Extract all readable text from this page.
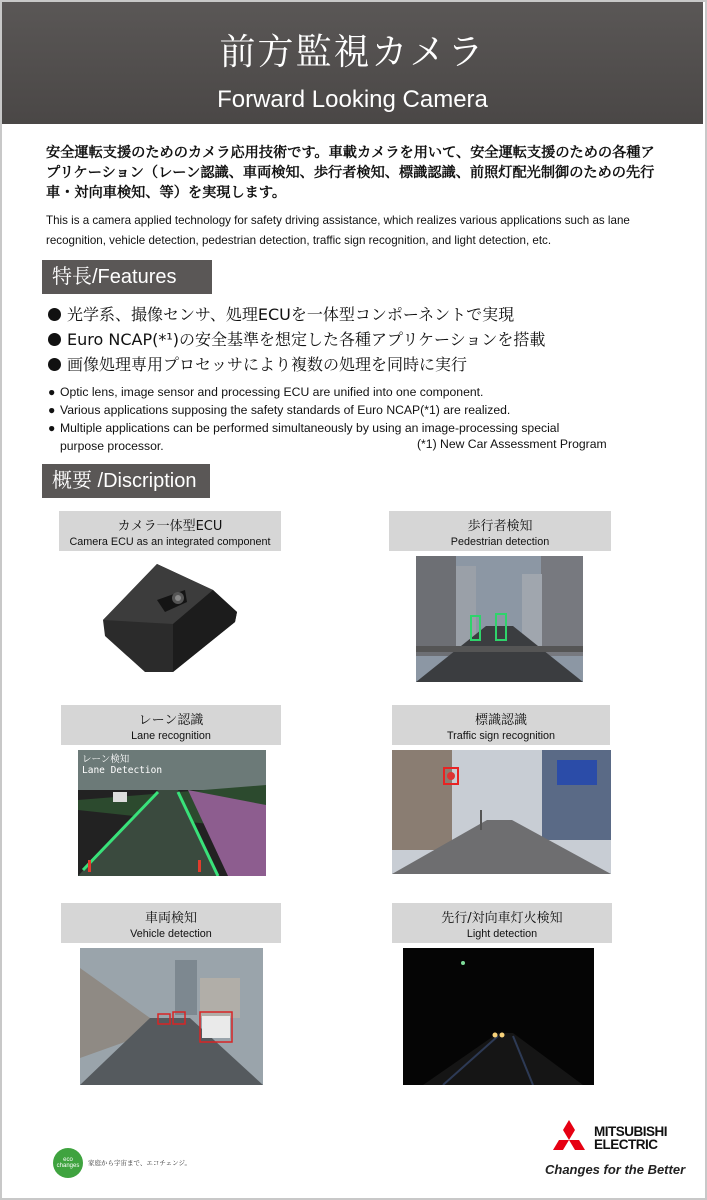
前方監視カメラ
Forward Looking Camera
安全運転支援のためのカメラ応用技術です。車載カメラを用いて、安全運転支援のための各種アプリケーション（レーン認識、車両検知、歩行者検知、標識認識、前照灯配光制御のための先行車・対向車検知、等）を実現します。
This is a camera applied technology for safety driving assistance, which realizes various applications such as lane recognition, vehicle detection, pedestrian detection, traffic sign recognition, and light detection, etc.
特長/Features
光学系、撮像センサ、処理ECUを一体型コンポーネントで実現
Euro NCAP(*¹)の安全基準を想定した各種アプリケーションを搭載
画像処理専用プロセッサにより複数の処理を同時に実行
● Optic lens, image sensor and processing ECU are unified into one component.
● Various applications supposing the safety standards of Euro NCAP(*1) are realized.
● Multiple applications can be performed simultaneously by using an image-processing special
purpose processor.	(*1) New Car Assessment Program
概要 /Discription
カメラ一体型ECU
Camera ECU as an integrated component
歩行者検知
Pedestrian detection
レーン認識
Lane recognition
レーン検知
Lane Detection
標識認識
Traffic sign recognition
車両検知
Vehicle detection
先行/対向車灯火検知
Light detection
eco changes	家庭から宇宙まで、エコチェンジ。
MITSUBISHI
ELECTRIC
Changes for the Better
